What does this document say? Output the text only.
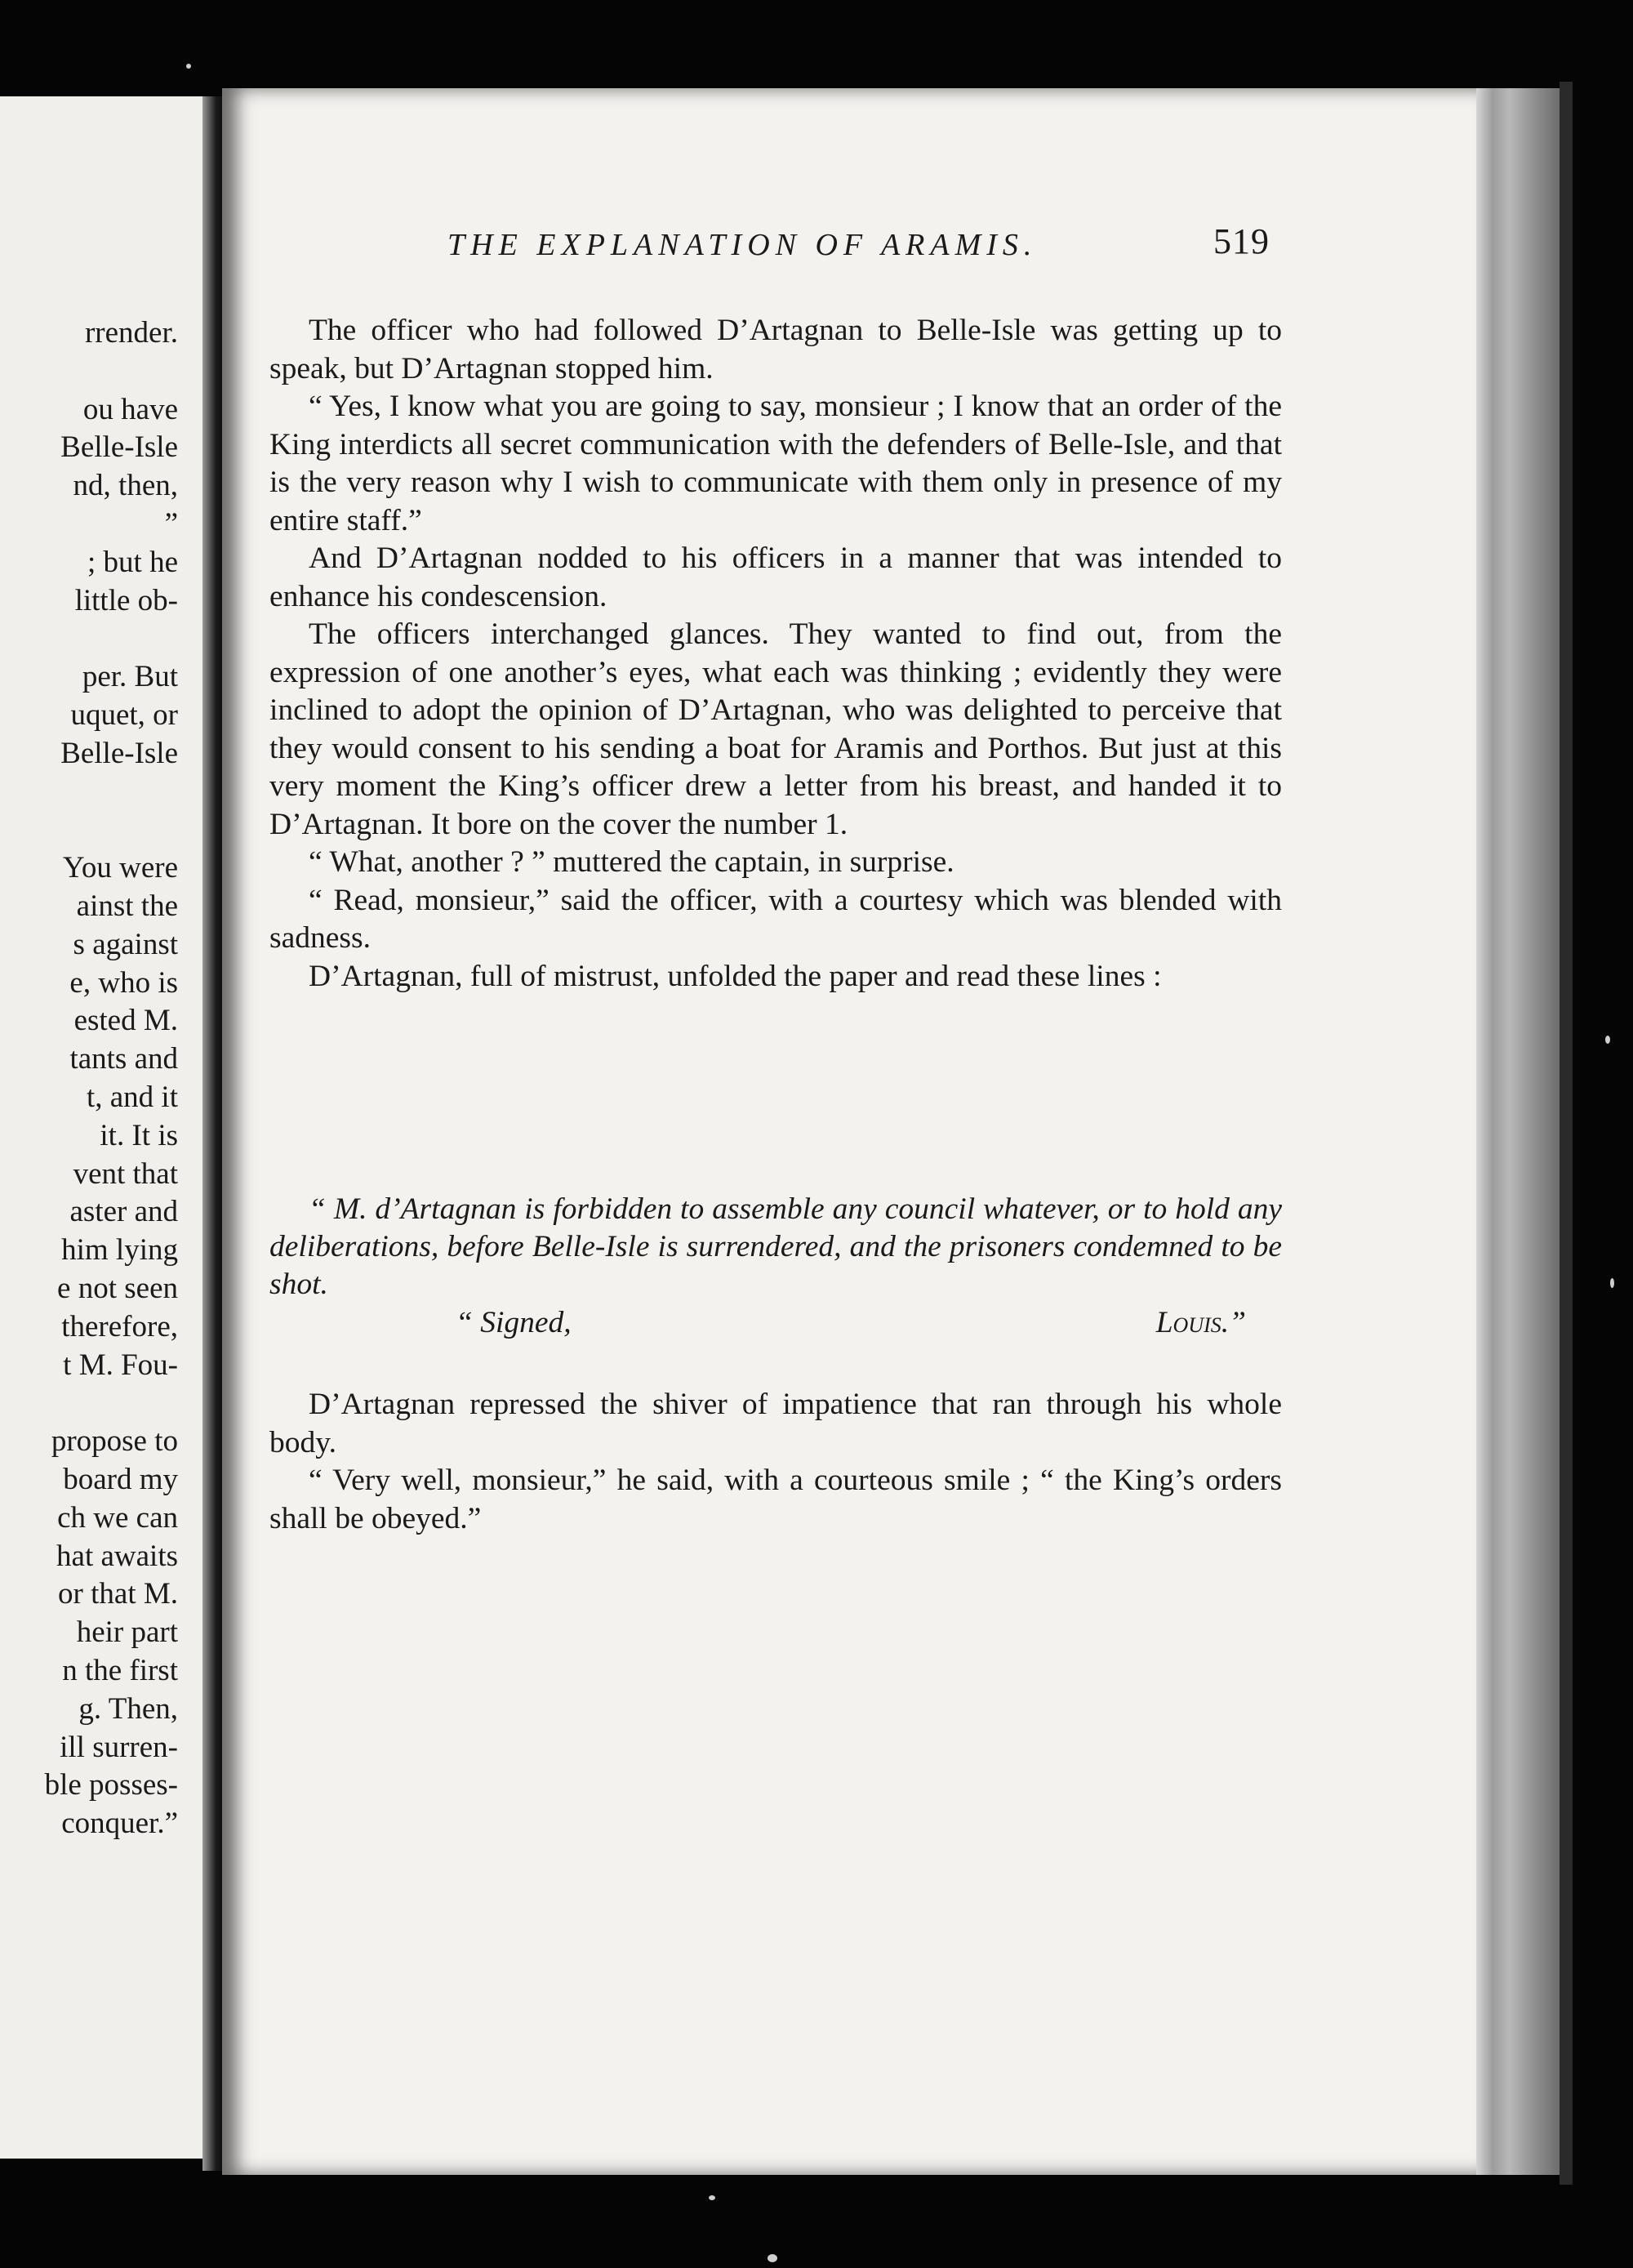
rrender.
ou have
Belle-Isle
nd, then,
”
; but he
little ob-
per. But
uquet, or
Belle-Isle
You were
ainst the
s against
e, who is
ested M.
tants and
t, and it
it. It is
vent that
aster and
him lying
e not seen
therefore,
t M. Fou-
propose to
board my
ch we can
hat awaits
or that M.
heir part
n the first
g. Then,
ill surren-
ble posses-
conquer.”
THE EXPLANATION OF ARAMIS.	519

The officer who had followed D’Artagnan to Belle-Isle was getting up to speak, but D’Artagnan stopped him.

“ Yes, I know what you are going to say, monsieur ; I know that an order of the King interdicts all secret communication with the defenders of Belle-Isle, and that is the very reason why I wish to communicate with them only in presence of my entire staff.”

And D’Artagnan nodded to his officers in a manner that was intended to enhance his condescension.

The officers interchanged glances. They wanted to find out, from the expression of one another’s eyes, what each was thinking ; evidently they were inclined to adopt the opinion of D’Artagnan, who was delighted to perceive that they would consent to his sending a boat for Aramis and Porthos. But just at this very moment the King’s officer drew a letter from his breast, and handed it to D’Artagnan. It bore on the cover the number 1.

“ What, another ? ” muttered the captain, in surprise.

“ Read, monsieur,” said the officer, with a courtesy which was blended with sadness.

D’Artagnan, full of mistrust, unfolded the paper and read these lines :

“ M. d’Artagnan is forbidden to assemble any council whatever, or to hold any deliberations, before Belle-Isle is surrendered, and the prisoners condemned to be shot.

“ Signed,	Louis.”

D’Artagnan repressed the shiver of impatience that ran through his whole body.

“ Very well, monsieur,” he said, with a courteous smile ; “ the King’s orders shall be obeyed.”
